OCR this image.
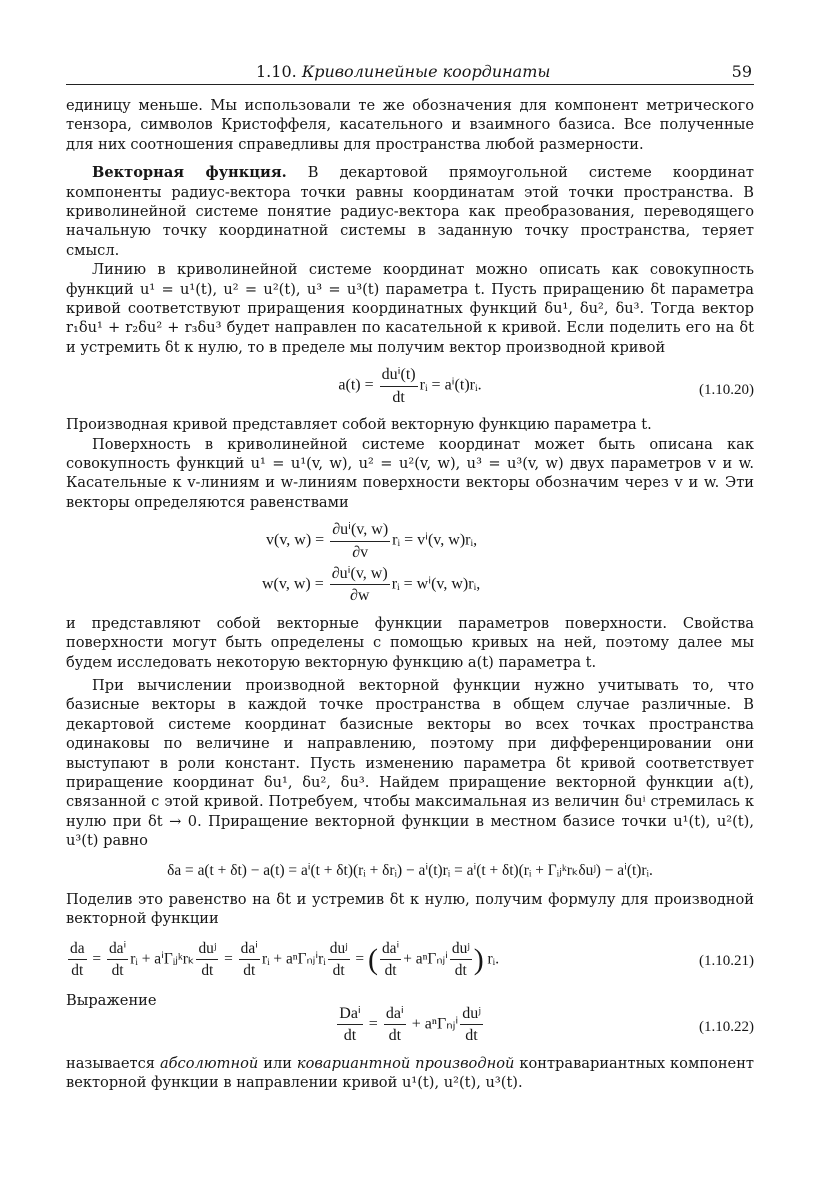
1.10. Криволинейные координаты	59

единицу меньше. Мы использовали те же обозначения для компонент метрического тензора, символов Кристоффеля, касательного и взаимного базиса. Все полученные для них соотношения справедливы для пространства любой размерности.

Векторная функция. В декартовой прямоугольной системе координат компоненты радиус-вектора точки равны координатам этой точки пространства. В криволинейной системе понятие радиус-вектора как преобразования, переводящего начальную точку координатной системы в заданную точку пространства, теряет смысл.

Линию в криволинейной системе координат можно описать как совокупность функций u¹ = u¹(t), u² = u²(t), u³ = u³(t) параметра t. Пусть приращению δt параметра кривой соответствуют приращения координатных функций δu¹, δu², δu³. Тогда вектор r₁δu¹ + r₂δu² + r₃δu³ будет направлен по касательной к кривой. Если поделить его на δt и устремить δt к нулю, то в пределе мы получим вектор производной кривой

$a(t) = \frac{\text{duⁱ(t)}}{dt}$ rᵢ = aⁱ(t)rᵢ.	(1.10.20)

Производная кривой представляет собой векторную функцию параметра t.

Поверхность в криволинейной системе координат может быть описана как совокупность функций u¹ = u¹(v, w), u² = u²(v, w), u³ = u³(v, w) двух параметров v и w. Касательные к v-линиям и w-линиям поверхности векторы обозначим через v и w. Эти векторы определяются равенствами

v(v, $w) = \frac{\text{∂uⁱ(v, w)}}{\partial v}$ rᵢ = vⁱ(v, w)rᵢ,
w(v, $w) = \frac{\text{∂uⁱ(v, w)}}{\partial w}$ rᵢ = wⁱ(v, w)rᵢ,

и представляют собой векторные функции параметров поверхности. Свойства поверхности могут быть определены с помощью кривых на ней, поэтому далее мы будем исследовать некоторую векторную функцию a(t) параметра t.

При вычислении производной векторной функции нужно учитывать то, что базисные векторы в каждой точке пространства в общем случае различные. В декартовой системе координат базисные векторы во всех точках пространства одинаковы по величине и направлению, поэтому при дифференцировании они выступают в роли констант. Пусть изменению параметра δt кривой соответствует приращение координат δu¹, δu², δu³. Найдем приращение векторной функции a(t), связанной с этой кривой. Потребуем, чтобы максимальная из величин δuⁱ стремилась к нулю при δt → 0. Приращение векторной функции в местном базисе точки u¹(t), u²(t), u³(t) равно

δa = a(t + δt) − a(t) = aⁱ(t + δt)(rᵢ + δrᵢ) − aⁱ(t)rᵢ = aⁱ(t + δt)(rᵢ + Γᵢⱼᵏrₖδuʲ) − aⁱ(t)rᵢ.

Поделив это равенство на δt и устремив δt к нулю, получим формулу для производной векторной функции

$\frac{da}{dt} = \frac{\text{daⁱ}}{dt}$ rᵢ + aⁱΓᵢⱼᵏrₖ $\frac{\text{duʲ}}{dt} = \frac{\text{daⁱ}}{dt}$ rᵢ + aⁿΓₙⱼⁱrᵢ $\frac{\text{duʲ}}{dt}$ = ( $\frac{\text{daⁱ}}{dt}$ + aⁿΓₙⱼⁱ $\frac{\text{duʲ}}{dt}$ ) rᵢ.	(1.10.21)

Выражение

$\frac{\text{Daⁱ}}{dt} = \frac{\text{daⁱ}}{dt}$ + aⁿΓₙⱼⁱ $\frac{\text{duʲ}}{dt}$	(1.10.22)

называется абсолютной или ковариантной производной контравариантных компонент векторной функции в направлении кривой u¹(t), u²(t), u³(t).
